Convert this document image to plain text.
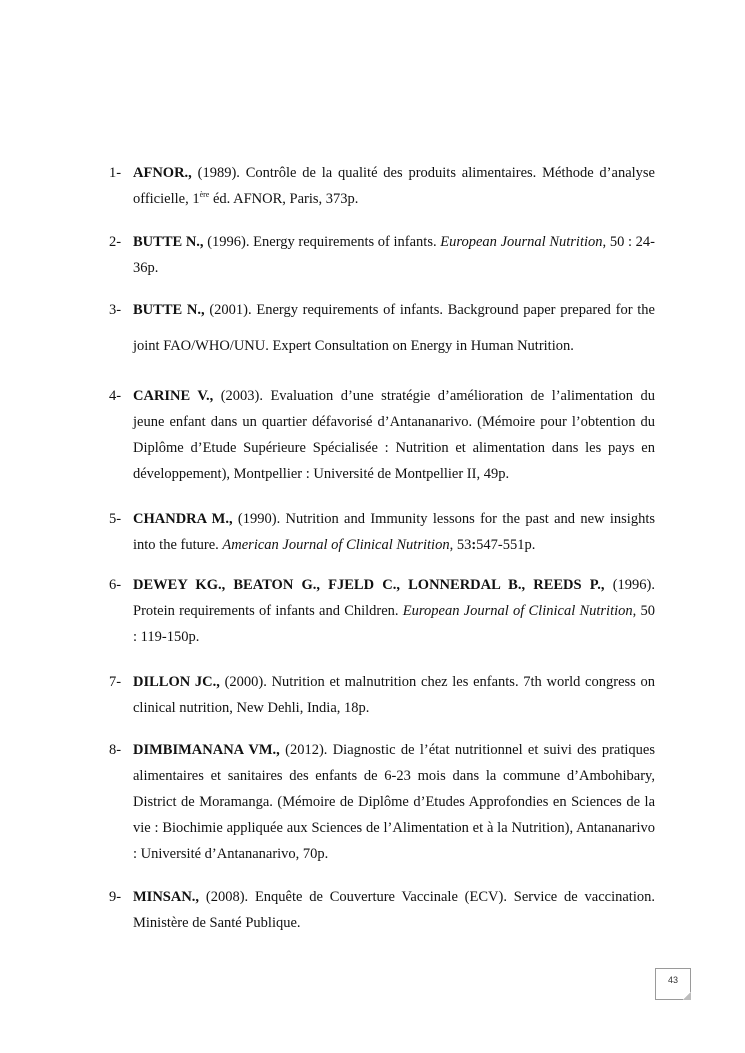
1- AFNOR., (1989). Contrôle de la qualité des produits alimentaires. Méthode d’analyse officielle, 1ère éd. AFNOR, Paris, 373p.
2- BUTTE N., (1996). Energy requirements of infants. European Journal Nutrition, 50 : 24-36p.
3- BUTTE N., (2001). Energy requirements of infants. Background paper prepared for the joint FAO/WHO/UNU. Expert Consultation on Energy in Human Nutrition.
4- CARINE V., (2003). Evaluation d’une stratégie d’amélioration de l’alimentation du jeune enfant dans un quartier défavorisé d’Antananarivo. (Mémoire pour l’obtention du Diplôme d’Etude Supérieure Spécialisée : Nutrition et alimentation dans les pays en développement), Montpellier : Université de Montpellier II, 49p.
5- CHANDRA M., (1990). Nutrition and Immunity lessons for the past and new insights into the future. American Journal of Clinical Nutrition, 53:547-551p.
6- DEWEY KG., BEATON G., FJELD C., LONNERDAL B., REEDS P., (1996). Protein requirements of infants and Children. European Journal of Clinical Nutrition, 50 : 119-150p.
7- DILLON JC., (2000). Nutrition et malnutrition chez les enfants. 7th world congress on clinical nutrition, New Dehli, India, 18p.
8- DIMBIMANANA VM., (2012). Diagnostic de l’état nutritionnel et suivi des pratiques alimentaires et sanitaires des enfants de 6-23 mois dans la commune d’Ambohibary, District de Moramanga. (Mémoire de Diplôme d’Etudes Approfondies en Sciences de la vie : Biochimie appliquée aux Sciences de l’Alimentation et à la Nutrition), Antananarivo : Université d’Antananarivo, 70p.
9- MINSAN., (2008). Enquête de Couverture Vaccinale (ECV). Service de vaccination. Ministère de Santé Publique.
43
